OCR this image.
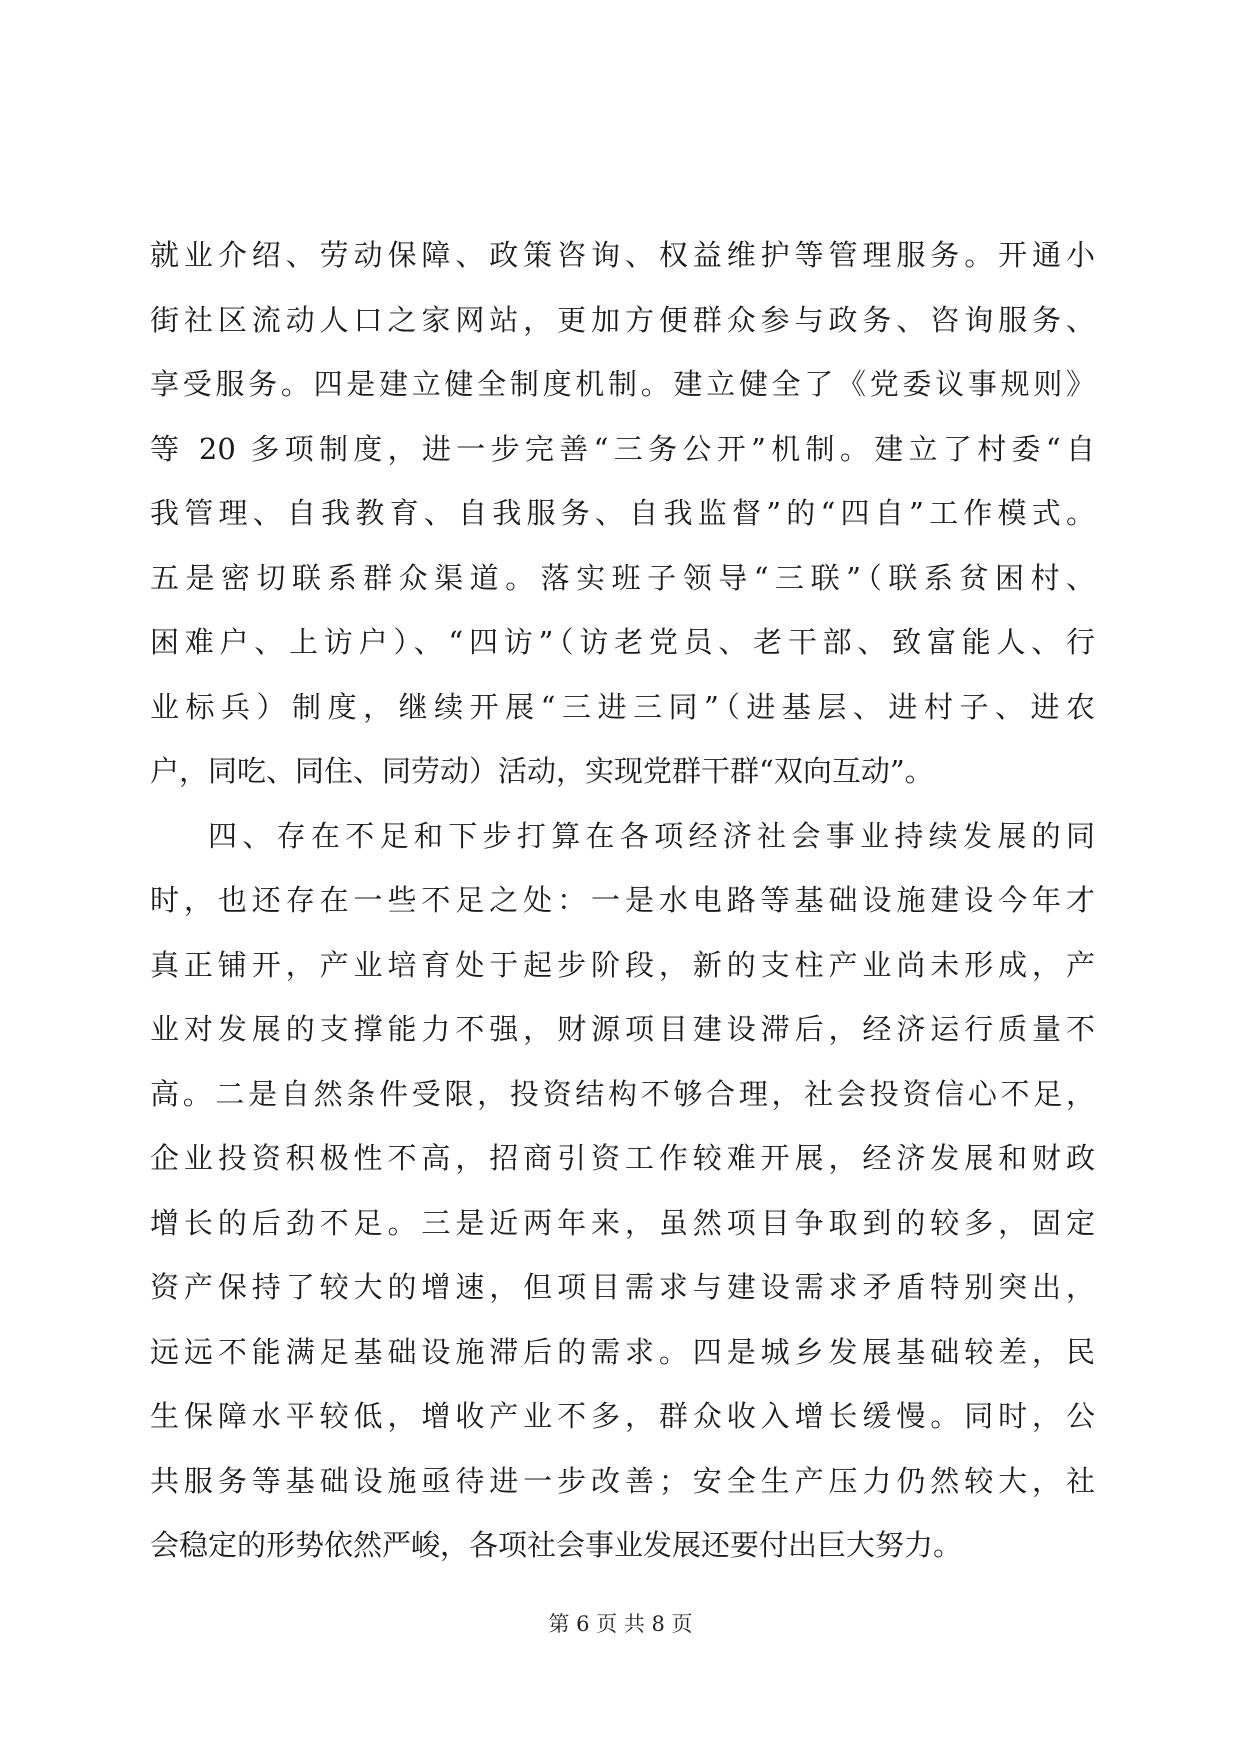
就业介绍、劳动保障、政策咨询、权益维护等管理服务。开通小
街社区流动人口之家网站，更加方便群众参与政务、咨询服务、
享受服务。四是建立健全制度机制。建立健全了《党委议事规则》
等 20 多项制度，进一步完善“三务公开”机制。建立了村委“自
我管理、自我教育、自我服务、自我监督”的“四自”工作模式。
五是密切联系群众渠道。落实班子领导“三联”（联系贫困村、
困难户、上访户）、“四访”（访老党员、老干部、致富能人、行
业标兵）制度，继续开展“三进三同”（进基层、进村子、进农
户，同吃、同住、同劳动）活动，实现党群干群“双向互动”。
四、存在不足和下步打算在各项经济社会事业持续发展的同
时，也还存在一些不足之处：一是水电路等基础设施建设今年才
真正铺开，产业培育处于起步阶段，新的支柱产业尚未形成，产
业对发展的支撑能力不强，财源项目建设滞后，经济运行质量不
高。二是自然条件受限，投资结构不够合理，社会投资信心不足，
企业投资积极性不高，招商引资工作较难开展，经济发展和财政
增长的后劲不足。三是近两年来，虽然项目争取到的较多，固定
资产保持了较大的增速，但项目需求与建设需求矛盾特别突出，
远远不能满足基础设施滞后的需求。四是城乡发展基础较差，民
生保障水平较低，增收产业不多，群众收入增长缓慢。同时，公
共服务等基础设施亟待进一步改善；安全生产压力仍然较大，社
会稳定的形势依然严峻，各项社会事业发展还要付出巨大努力。
第 6 页 共 8 页
